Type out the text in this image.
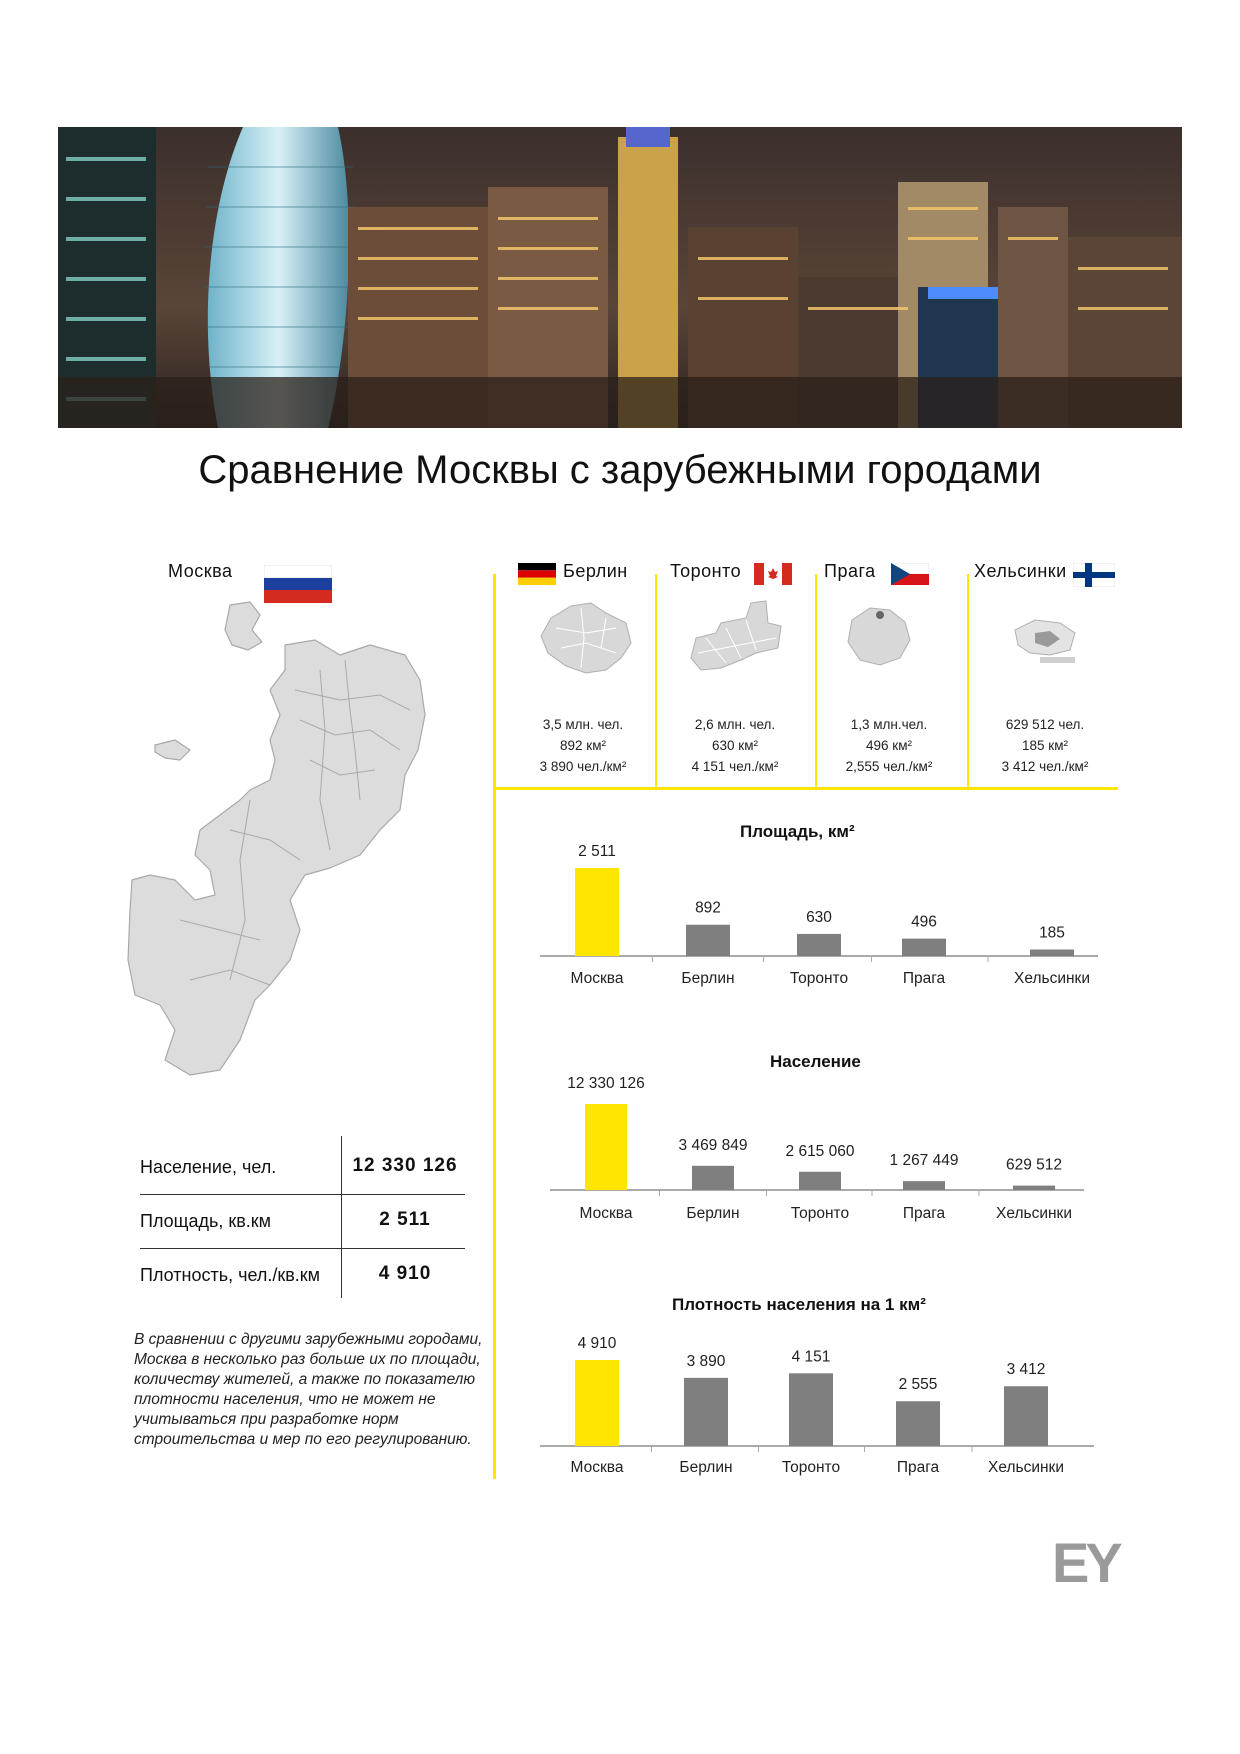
Сравнение Москвы с зарубежными городами
Москва
Население, чел.	12 330 126
Площадь, кв.км	2 511
Плотность, чел./кв.км	4 910
В сравнении с другими зарубежными городами, Москва в несколько раз больше их по площади, количеству жителей, а также по показателю плотности населения, что не может не учитываться при разработке норм строительства и мер по его регулированию.
Берлин Торонто	Прага	Хельсинки
3,5 млн. чел.
892 км²
3 890 чел./км²
2,6 млн. чел.
630 км²
4 151 чел./км²
1,3 млн.чел.
496 км²
2,555 чел./км²
629 512 чел.
185 км²
3 412 чел./км²
Площадь, км²
Население
Плотность населения на 1 км²
2 511
Москва
892
Берлин
630
Торонто
496
Прага
185
Хельсинки
12 330 126
Москва
3 469 849
Берлин
2 615 060
Торонто
1 267 449
Прага
629 512
Хельсинки
4 910
Москва
3 890
Берлин
4 151
Торонто
2 555
Прага
3 412
Хельсинки
EY
